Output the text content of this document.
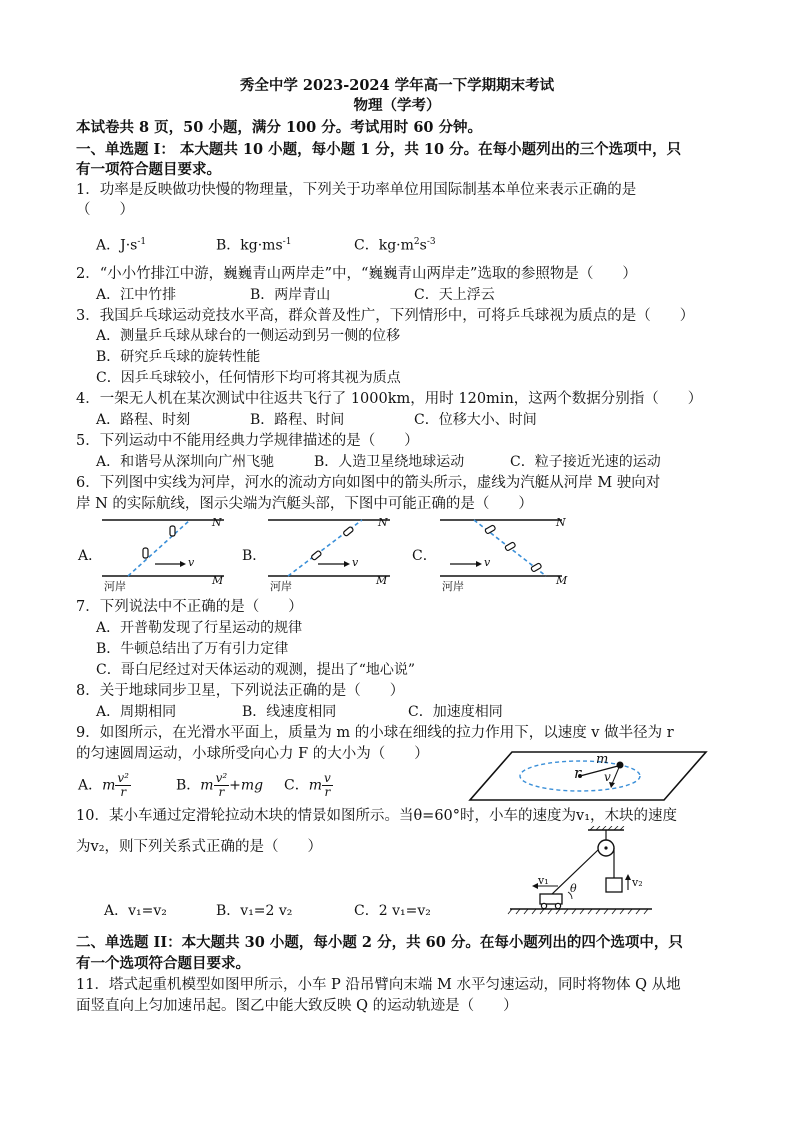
秀全中学 2023-2024 学年高一下学期期末考试
物理（学考）
本试卷共 8 页，50 小题，满分 100 分。考试用时 60 分钟。
一、单选题 I： 本大题共 10 小题，每小题 1 分，共 10 分。在每小题列出的三个选项中，只
有一项符合题目要求。
1．功率是反映做功快慢的物理量，下列关于功率单位用国际制基本单位来表示正确的是
（　　）
A．$J\cdot s^{-1}$	B．$kg\cdot ms^{-1}$	C．$kg\cdot m^2s^{-3}$
2．“小小竹排江中游，巍巍青山两岸走”中，“巍巍青山两岸走”选取的参照物是（　　）
A．江中竹排	B．两岸青山	C．天上浮云
3．我国乒乓球运动竞技水平高，群众普及性广，下列情形中，可将乒乓球视为质点的是（　　）
A．测量乒乓球从球台的一侧运动到另一侧的位移
B．研究乒乓球的旋转性能
C．因乒乓球较小，任何情形下均可将其视为质点
4．一架无人机在某次测试中往返共飞行了 1000km，用时 120min，这两个数据分别指（　　）
A．路程、时刻	B．路程、时间	C．位移大小、时间
5．下列运动中不能用经典力学规律描述的是（　　）
A．和谐号从深圳向广州飞驰	B．人造卫星绕地球运动	C．粒子接近光速的运动
6．下列图中实线为河岸，河水的流动方向如图中的箭头所示，虚线为汽艇从河岸 M 驶向对
岸 N 的实际航线，图示尖端为汽艇头部，下图中可能正确的是（　　）
A．	B．	C．
N
M
v
河岸
N
M
v
河岸
N
M
v
河岸
7．下列说法中不正确的是（　　）
A．开普勒发现了行星运动的规律
B．牛顿总结出了万有引力定律
C．哥白尼经过对天体运动的观测，提出了“地心说”
8．关于地球同步卫星，下列说法正确的是（　　）
A．周期相同	B．线速度相同	C．加速度相同
9．如图所示，在光滑水平面上，质量为 m 的小球在细线的拉力作用下，以速度 v 做半径为 r
的匀速圆周运动，小球所受向心力 F 的大小为（　　）
A．m $\frac{\text{v²}}{r}$	B．m $\frac{\text{v²}}{r} +mg$ C．m $\frac{v}{r}$
m
r v
10．某小车通过定滑轮拉动木块的情景如图所示。当θ=60°时，小车的速度为v₁，木块的速度
为v₂，则下列关系式正确的是（　　）
A．v₁=v₂	B．v₁=2 v₂	C．2 v₁=v₂
v₁	v₂
θ
二、单选题 II：本大题共 30 小题，每小题 2 分，共 60 分。在每小题列出的四个选项中，只
有一个选项符合题目要求。
11．塔式起重机模型如图甲所示，小车 P 沿吊臂向末端 M 水平匀速运动，同时将物体 Q 从地
面竖直向上匀加速吊起。图乙中能大致反映 Q 的运动轨迹是（　　）
